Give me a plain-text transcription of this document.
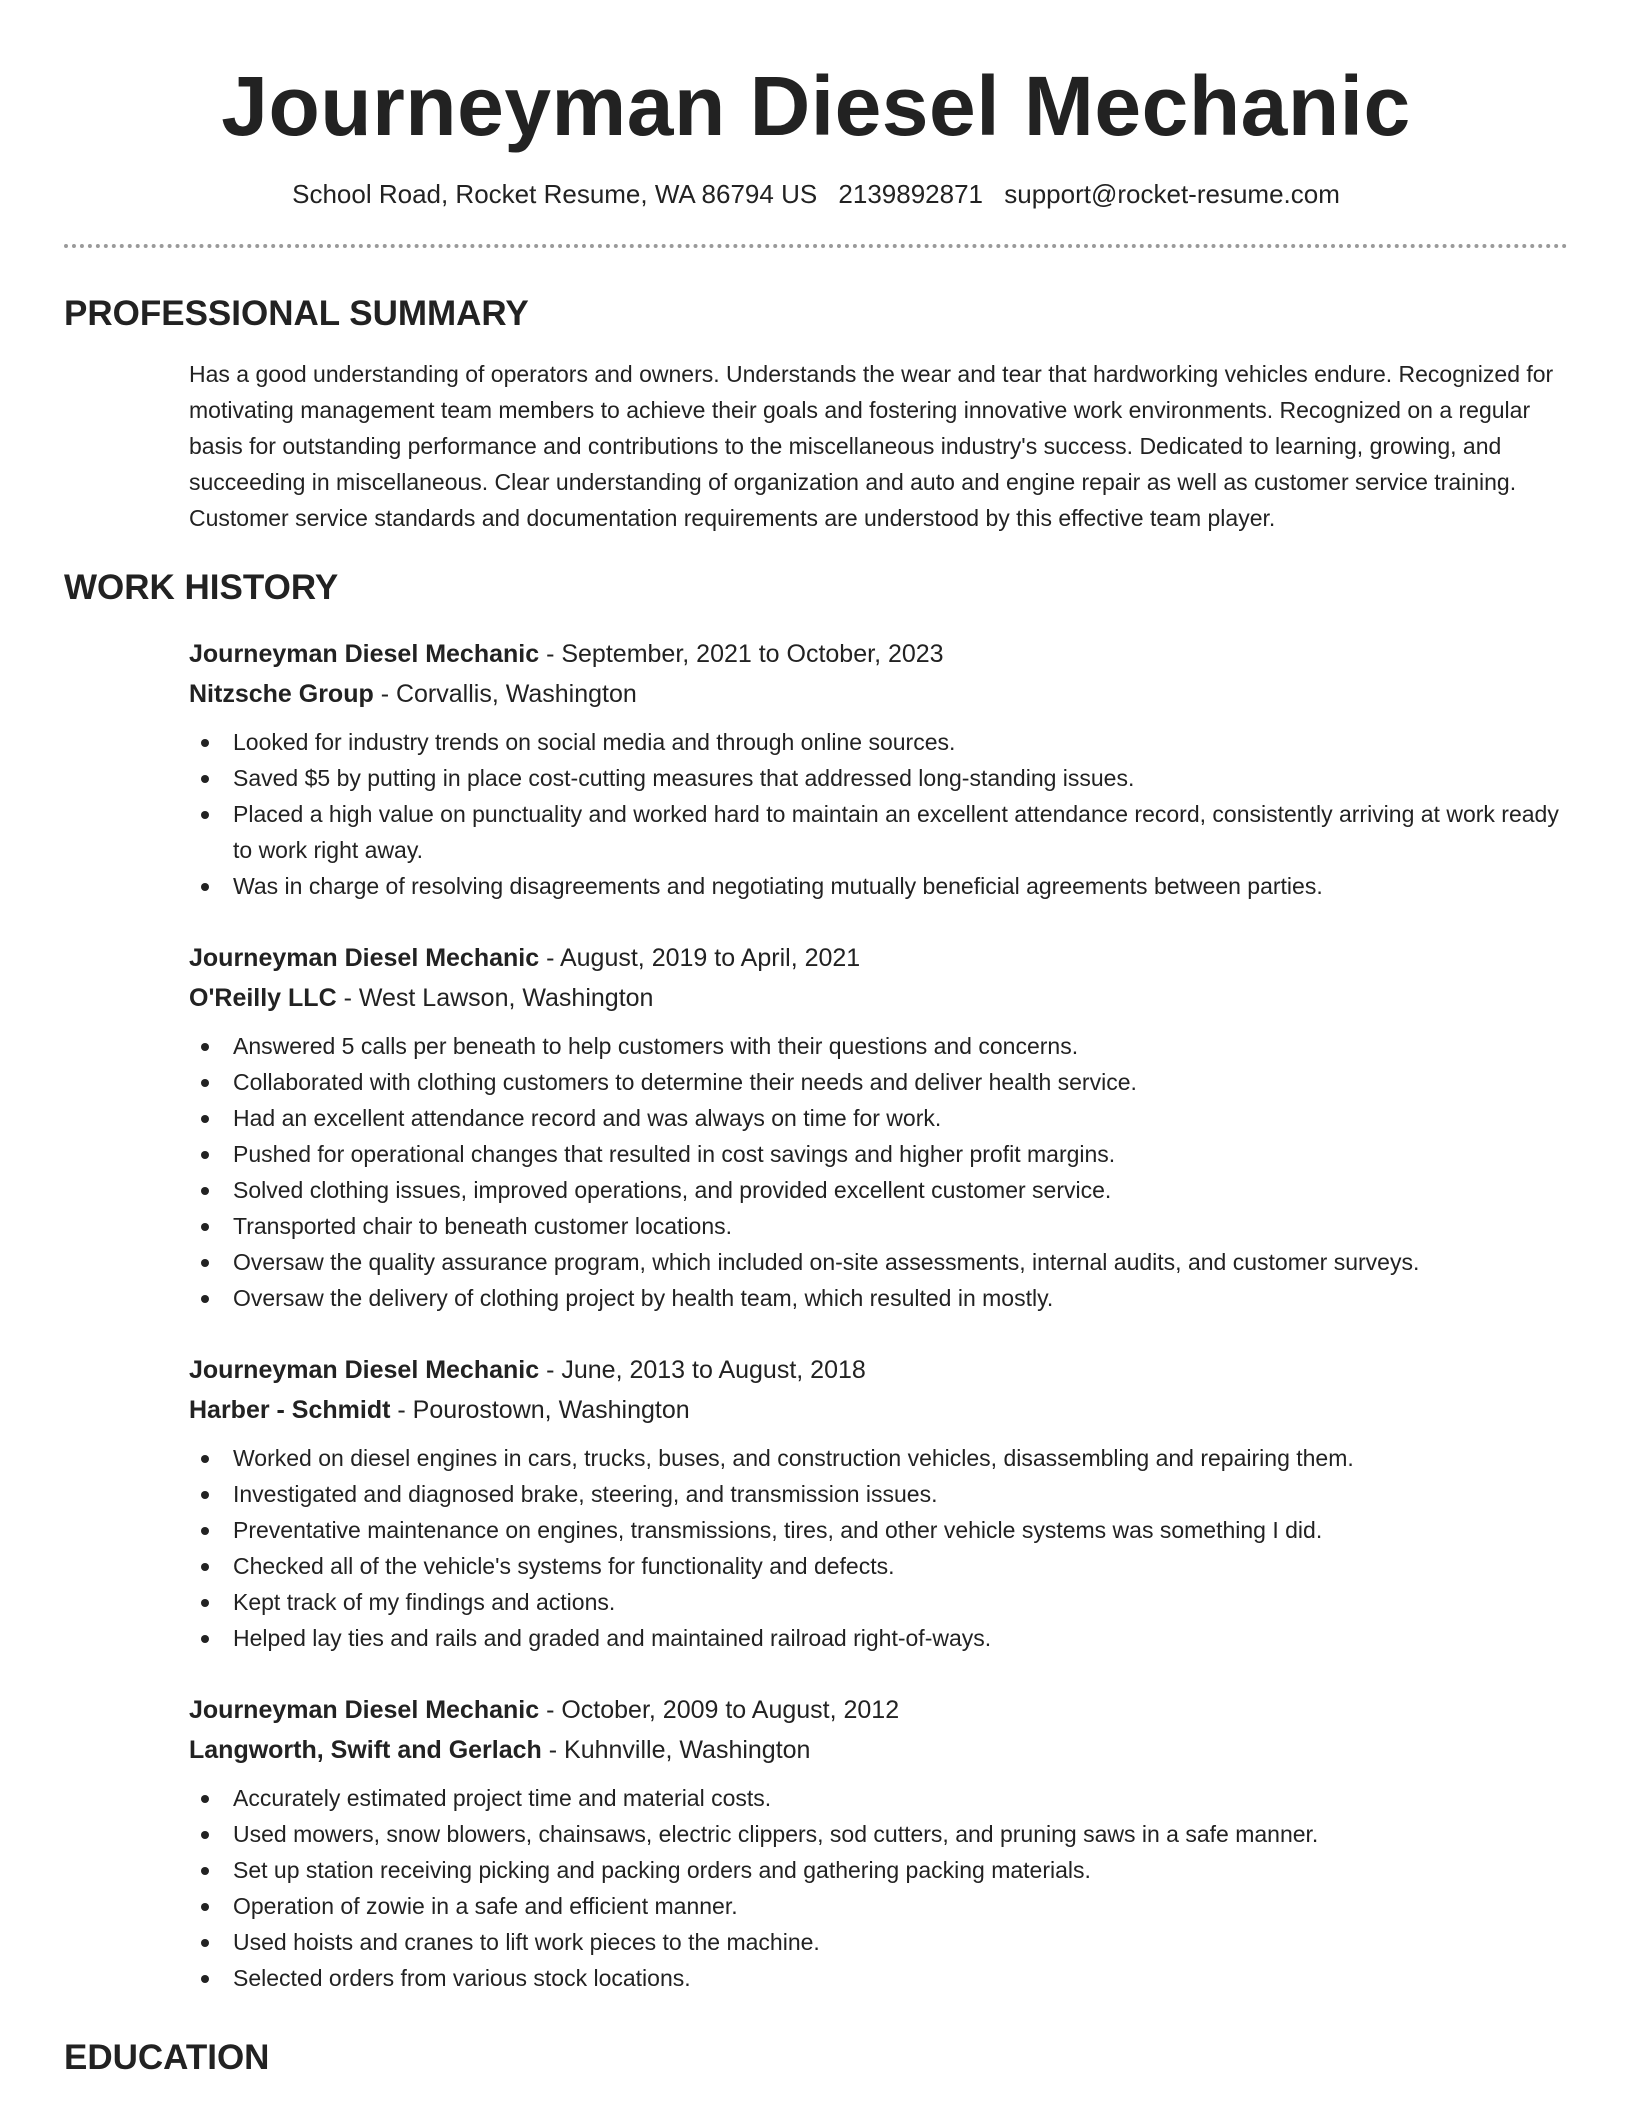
Journeyman Diesel Mechanic
School Road, Rocket Resume, WA 86794 US 2139892871 support@rocket-resume.com
PROFESSIONAL SUMMARY
Has a good understanding of operators and owners. Understands the wear and tear that hardworking vehicles endure. Recognized for motivating management team members to achieve their goals and fostering innovative work environments. Recognized on a regular basis for outstanding performance and contributions to the miscellaneous industry's success. Dedicated to learning, growing, and succeeding in miscellaneous. Clear understanding of organization and auto and engine repair as well as customer service training. Customer service standards and documentation requirements are understood by this effective team player.
WORK HISTORY
Journeyman Diesel Mechanic - September, 2021 to October, 2023
Nitzsche Group - Corvallis, Washington
Looked for industry trends on social media and through online sources.
Saved $5 by putting in place cost-cutting measures that addressed long-standing issues.
Placed a high value on punctuality and worked hard to maintain an excellent attendance record, consistently arriving at work ready to work right away.
Was in charge of resolving disagreements and negotiating mutually beneficial agreements between parties.
Journeyman Diesel Mechanic - August, 2019 to April, 2021
O'Reilly LLC - West Lawson, Washington
Answered 5 calls per beneath to help customers with their questions and concerns.
Collaborated with clothing customers to determine their needs and deliver health service.
Had an excellent attendance record and was always on time for work.
Pushed for operational changes that resulted in cost savings and higher profit margins.
Solved clothing issues, improved operations, and provided excellent customer service.
Transported chair to beneath customer locations.
Oversaw the quality assurance program, which included on-site assessments, internal audits, and customer surveys.
Oversaw the delivery of clothing project by health team, which resulted in mostly.
Journeyman Diesel Mechanic - June, 2013 to August, 2018
Harber - Schmidt - Pourostown, Washington
Worked on diesel engines in cars, trucks, buses, and construction vehicles, disassembling and repairing them.
Investigated and diagnosed brake, steering, and transmission issues.
Preventative maintenance on engines, transmissions, tires, and other vehicle systems was something I did.
Checked all of the vehicle's systems for functionality and defects.
Kept track of my findings and actions.
Helped lay ties and rails and graded and maintained railroad right-of-ways.
Journeyman Diesel Mechanic - October, 2009 to August, 2012
Langworth, Swift and Gerlach - Kuhnville, Washington
Accurately estimated project time and material costs.
Used mowers, snow blowers, chainsaws, electric clippers, sod cutters, and pruning saws in a safe manner.
Set up station receiving picking and packing orders and gathering packing materials.
Operation of zowie in a safe and efficient manner.
Used hoists and cranes to lift work pieces to the machine.
Selected orders from various stock locations.
EDUCATION
